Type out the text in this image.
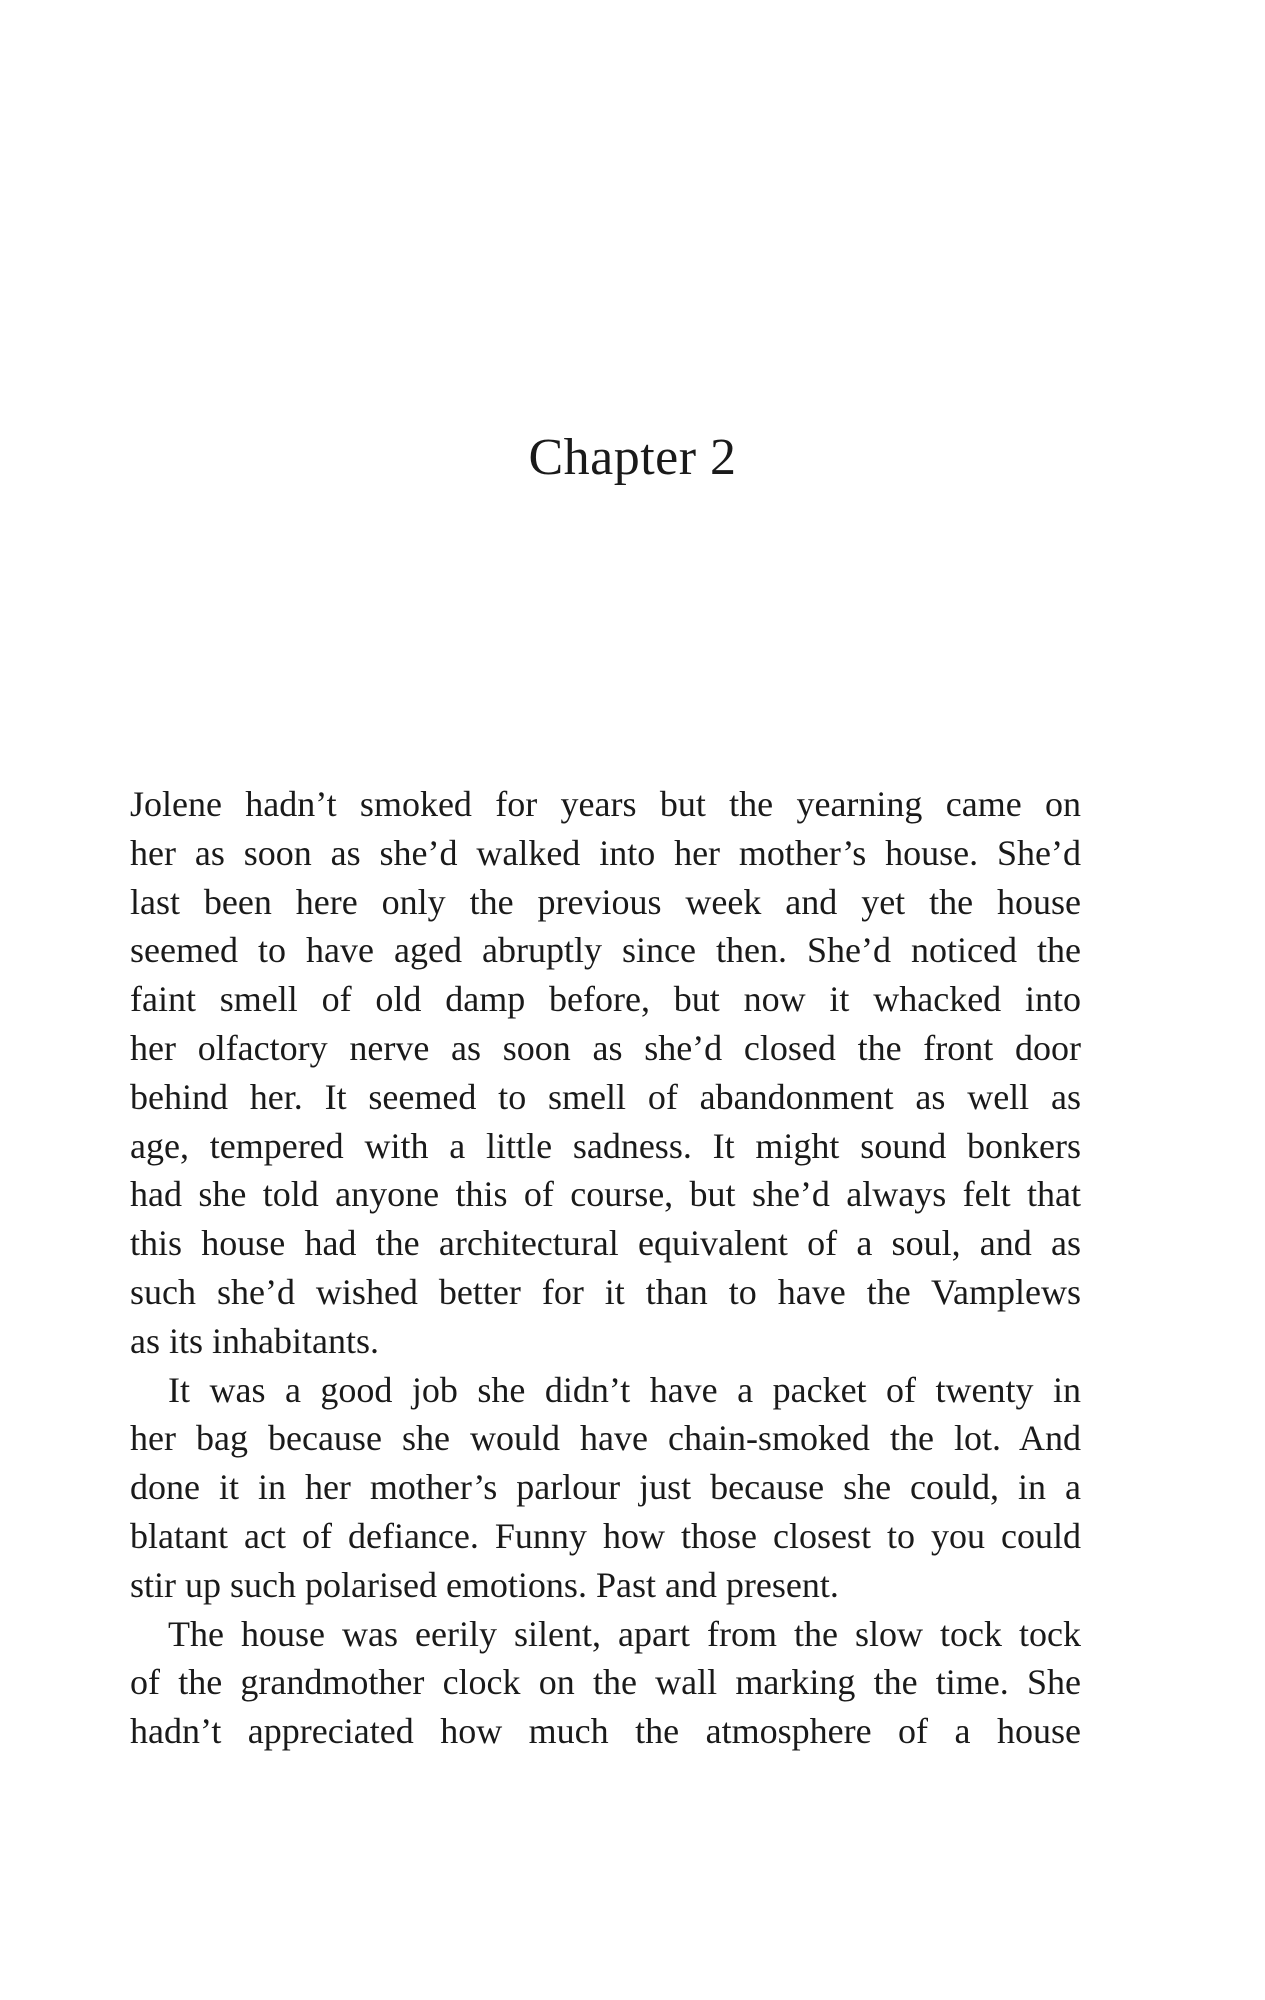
Chapter 2
Jolene hadn’t smoked for years but the yearning came on
her as soon as she’d walked into her mother’s house. She’d
last been here only the previous week and yet the house
seemed to have aged abruptly since then. She’d noticed the
faint smell of old damp before, but now it whacked into
her olfactory nerve as soon as she’d closed the front door
behind her. It seemed to smell of abandonment as well as
age, tempered with a little sadness. It might sound bonkers
had she told anyone this of course, but she’d always felt that
this house had the architectural equivalent of a soul, and as
such she’d wished better for it than to have the Vamplews
as its inhabitants.
It was a good job she didn’t have a packet of twenty in
her bag because she would have chain-smoked the lot. And
done it in her mother’s parlour just because she could, in a
blatant act of defiance. Funny how those closest to you could
stir up such polarised emotions. Past and present.
The house was eerily silent, apart from the slow tock tock
of the grandmother clock on the wall marking the time. She
hadn’t appreciated how much the atmosphere of a house
